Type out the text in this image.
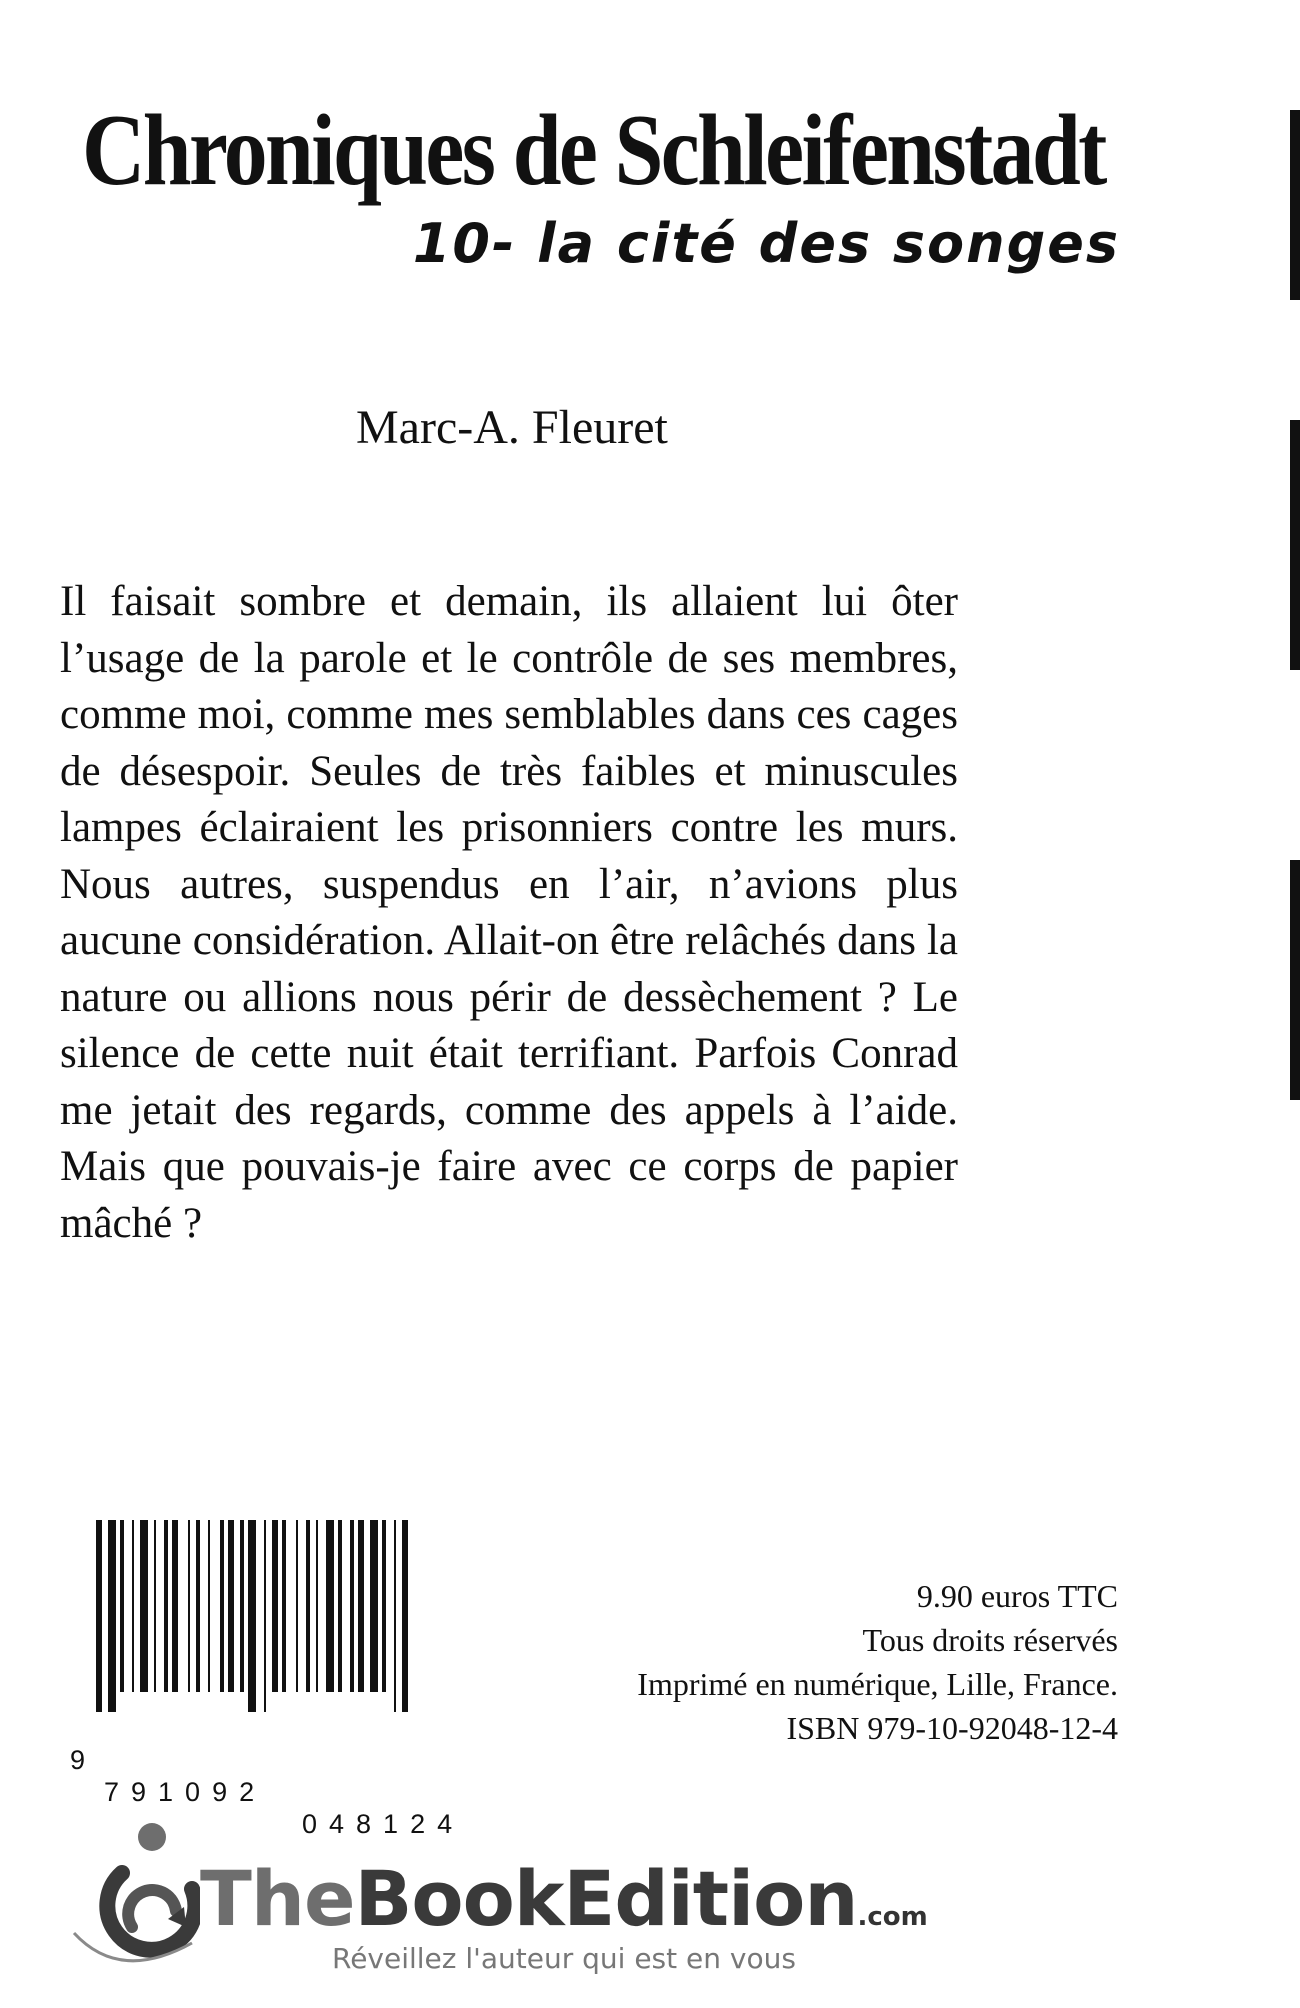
Chroniques de Schleifenstadt
10- la cité des songes

Marc-A. Fleuret

Il faisait sombre et demain, ils allaient lui ôter l’usage de la parole et le contrôle de ses membres, comme moi, comme mes semblables dans ces cages de désespoir. Seules de très faibles et minuscules lampes éclairaient les prisonniers contre les murs. Nous autres, suspendus en l’air, n’avions plus aucune considération. Allait-on être relâchés dans la nature ou allions nous périr de dessèchement ? Le silence de cette nuit était terrifiant. Parfois Conrad me jetait des regards, comme des appels à l’aide. Mais que pouvais-je faire avec ce corps de papier mâché ?

9

791092

048124

9.90 euros TTC
Tous droits réservés
Imprimé en numérique, Lille, France.
ISBN 979-10-92048-12-4
TheBookEdition.com
Réveillez l'auteur qui est en vous
